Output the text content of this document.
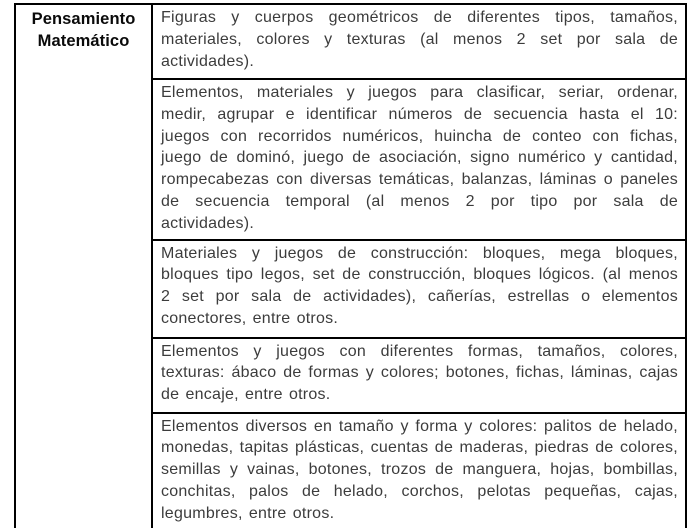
Pensamiento Matemático	Figuras y cuerpos geométricos de diferentes tipos, tamaños, materiales, colores y texturas (al menos 2 set por sala de actividades).
Elementos, materiales y juegos para clasificar, seriar, ordenar, medir, agrupar e identificar números de secuencia hasta el 10: juegos con recorridos numéricos, huincha de conteo con fichas, juego de dominó, juego de asociación, signo numérico y cantidad, rompecabezas con diversas temáticas, balanzas, láminas o paneles de secuencia temporal (al menos 2 por tipo por sala de actividades).
Materiales y juegos de construcción: bloques, mega bloques, bloques tipo legos, set de construcción, bloques lógicos. (al menos 2 set por sala de actividades), cañerías, estrellas o elementos conectores, entre otros.
Elementos y juegos con diferentes formas, tamaños, colores, texturas: ábaco de formas y colores; botones, fichas, láminas, cajas de encaje, entre otros.
Elementos diversos en tamaño y forma y colores: palitos de helado, monedas, tapitas plásticas, cuentas de maderas, piedras de colores, semillas y vainas, botones, trozos de manguera, hojas, bombillas, conchitas, palos de helado, corchos, pelotas pequeñas, cajas, legumbres, entre otros.
